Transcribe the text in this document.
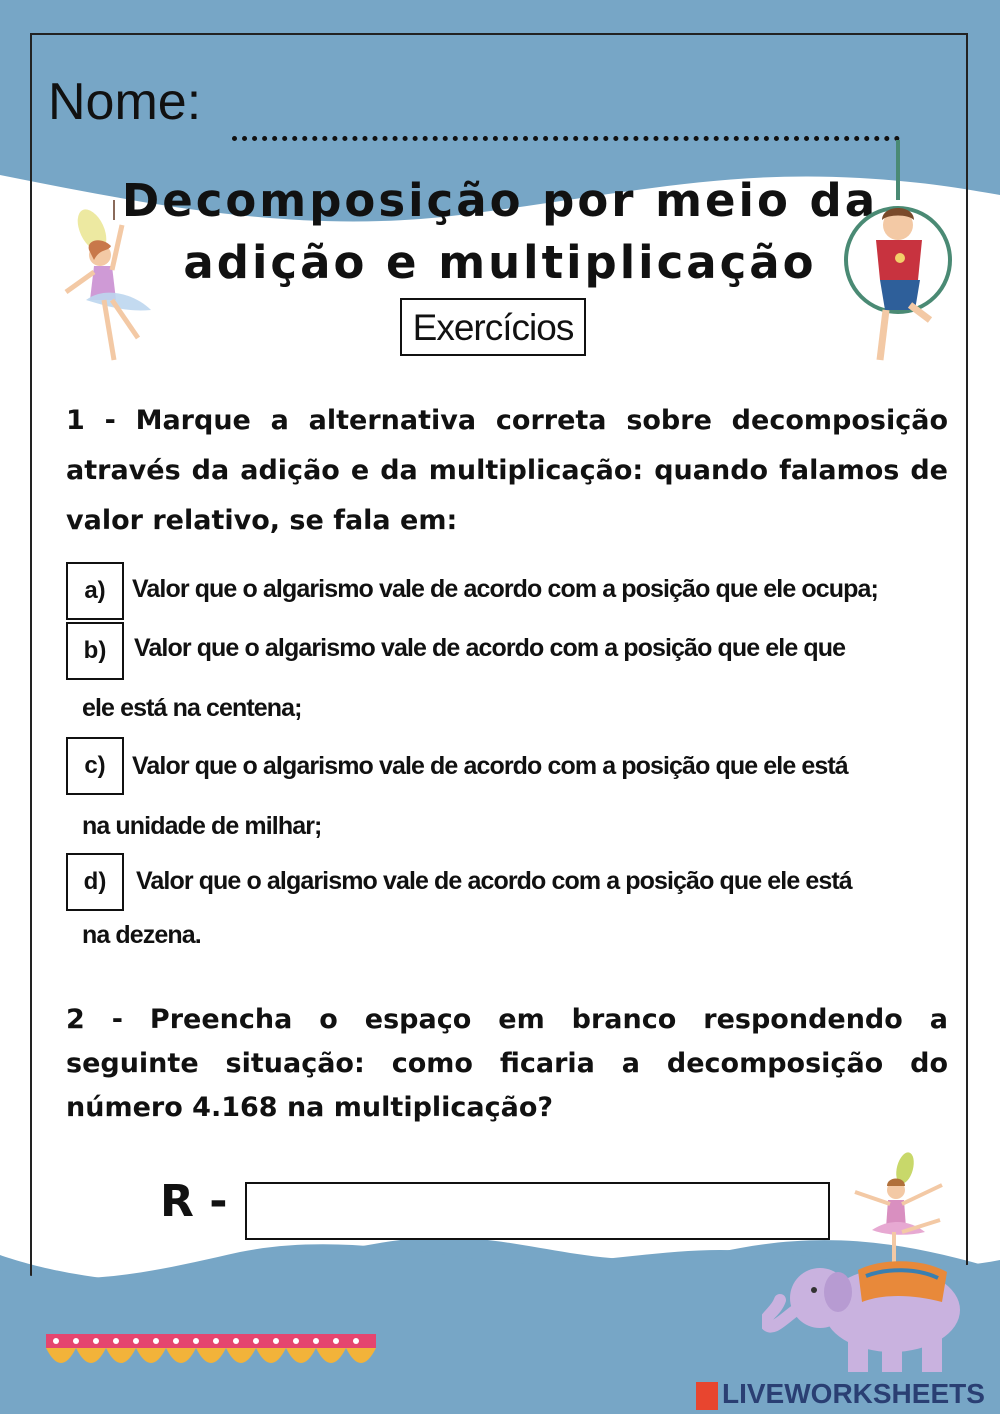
Nome:
Decomposição por meio da
adição e multiplicação
Exercícios
1 - Marque a alternativa correta sobre decomposição através da adição e da multiplicação: quando falamos de valor relativo, se fala em:
a) Valor que o algarismo vale de acordo com a posição que ele ocupa;
b) Valor que o algarismo vale de acordo com a posição que ele que
ele está na centena;
c) Valor que o algarismo vale de acordo com a posição que ele está
na unidade de milhar;
d) Valor que o algarismo vale de acordo com a posição que ele está
na dezena.
2 - Preencha o espaço em branco respondendo a seguinte situação: como ficaria a decomposição do número 4.168 na multiplicação?
R -
LIVEWORKSHEETS
